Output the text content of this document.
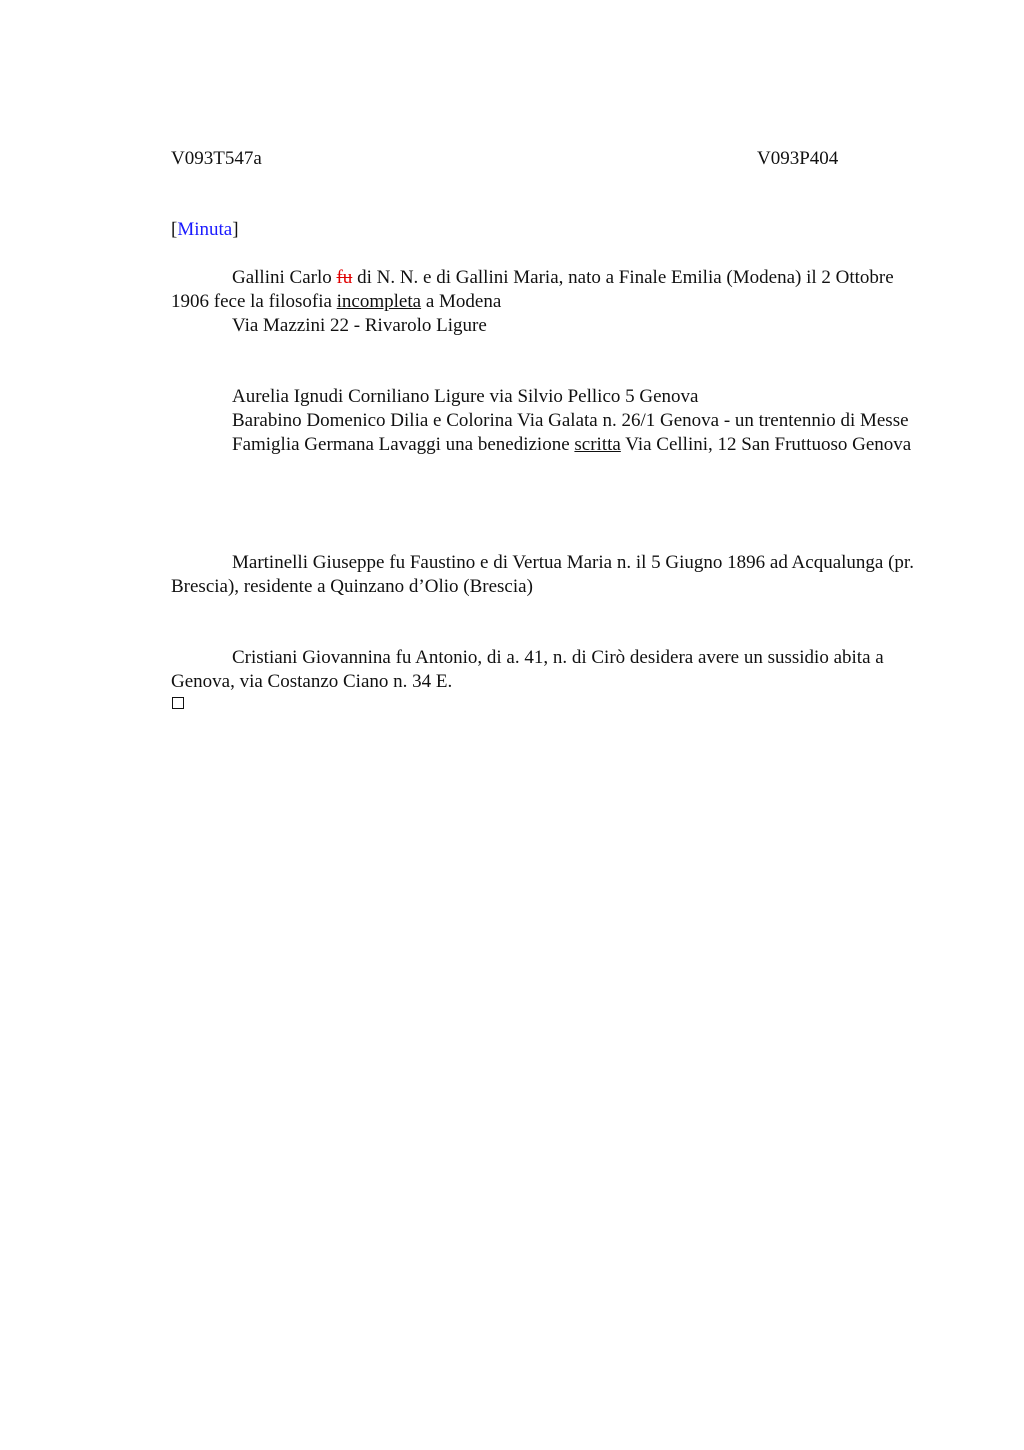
V093T547a	V093P404
[Minuta]

Gallini Carlo fu di N. N. e di Gallini Maria, nato a Finale Emilia (Modena) il 2 Ottobre 1906 fece la filosofia incompleta a Modena

Via Mazzini 22 - Rivarolo Ligure

Aurelia Ignudi Corniliano Ligure via Silvio Pellico 5 Genova

Barabino Domenico Dilia e Colorina Via Galata n. 26/1 Genova - un trentennio di Messe

Famiglia Germana Lavaggi una benedizione scritta Via Cellini, 12 San Fruttuoso Genova

Martinelli Giuseppe fu Faustino e di Vertua Maria n. il 5 Giugno 1896 ad Acqualunga (pr. Brescia), residente a Quinzano d’Olio (Brescia)

Cristiani Giovannina fu Antonio, di a. 41, n. di Cirò desidera avere un sussidio abita a Genova, via Costanzo Ciano n. 34 E.
